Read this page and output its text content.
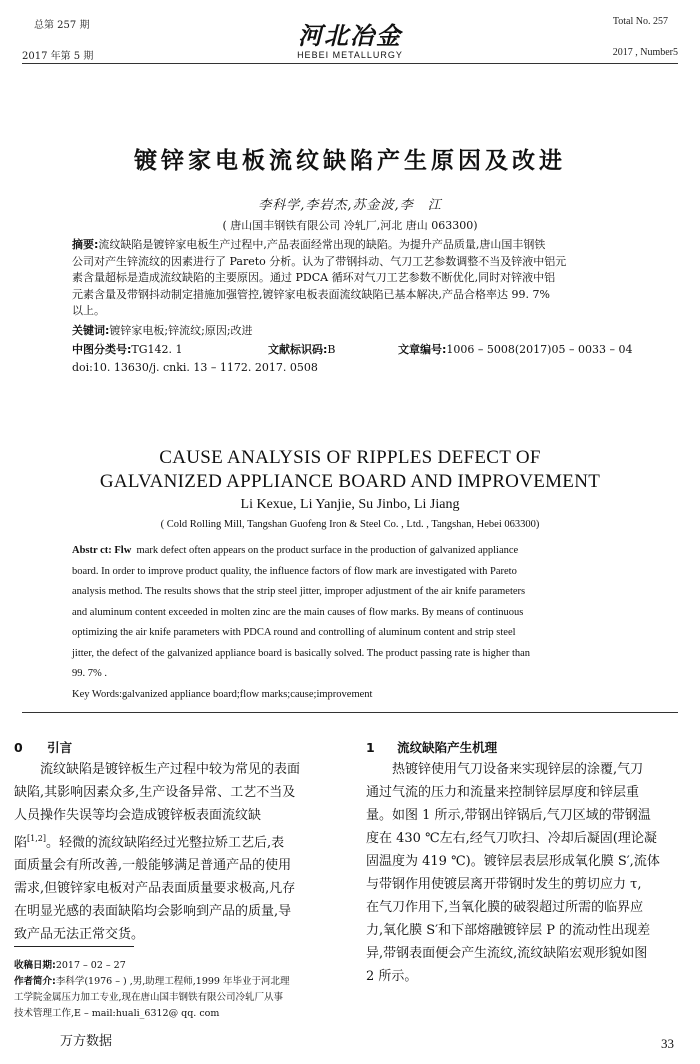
总第 257 期
2017 年第 5 期
河北冶金
HEBEI METALLURGY
Total No. 257
2017 , Number5
镀锌家电板流纹缺陷产生原因及改进
李科学,李岩杰,苏金波,李　江
( 唐山国丰钢铁有限公司 冷轧厂,河北 唐山 063300)
摘要:流纹缺陷是镀锌家电板生产过程中,产品表面经常出现的缺陷。为提升产品质量,唐山国丰钢铁
公司对产生锌流纹的因素进行了 Pareto 分析。认为了带钢抖动、气刀工艺参数调整不当及锌液中铝元
素含量超标是造成流纹缺陷的主要原因。通过 PDCA 循环对气刀工艺参数不断优化,同时对锌液中铝
元素含量及带钢抖动制定措施加强管控,镀锌家电板表面流纹缺陷已基本解决,产品合格率达 99. 7%
以上。
关键词:镀锌家电板;锌流纹;原因;改进
中图分类号:TG142. 1	文献标识码:B	文章编号:1006 – 5008(2017)05 – 0033 – 04
doi:10. 13630/j. cnki. 13 – 1172. 2017. 0508
CAUSE ANALYSIS OF RIPPLES DEFECT OF
GALVANIZED APPLIANCE BOARD AND IMPROVEMENT
Li Kexue, Li Yanjie, Su Jinbo, Li Jiang
( Cold Rolling Mill, Tangshan Guofeng Iron & Steel Co. , Ltd. , Tangshan, Hebei 063300)
Abstr ct: Flw mark defect often appears on the product surface in the production of galvanized appliance
board. In order to improve product quality, the influence factors of flow mark are investigated with Pareto
analysis method. The results shows that the strip steel jitter, improper adjustment of the air knife parameters
and aluminum content exceeded in molten zinc are the main causes of flow marks. By means of continuous
optimizing the air knife parameters with PDCA round and controlling of aluminum content and strip steel
jitter, the defect of the galvanized appliance board is basically solved. The product passing rate is higher than
99. 7% .
Key Words:galvanized appliance board;flow marks;cause;improvement
0 引言
流纹缺陷是镀锌板生产过程中较为常见的表面
缺陷,其影响因素众多,生产设备异常、工艺不当及
人员操作失误等均会造成镀锌板表面流纹缺
陷[1,2]。轻微的流纹缺陷经过光整拉矫工艺后,表
面质量会有所改善,一般能够满足普通产品的使用
需求,但镀锌家电板对产品表面质量要求极高,凡存
在明显光感的表面缺陷均会影响到产品的质量,导
致产品无法正常交货。
收稿日期:2017 – 02 – 27
作者简介:李科学(1976 – ) ,男,助理工程师,1999 年毕业于河北理
工学院金属压力加工专业,现在唐山国丰钢铁有限公司冷轧厂从事
技术管理工作,E – mail:huali_6312@ qq. com
万方数据
1 流纹缺陷产生机理
热镀锌使用气刀设备来实现锌层的涂覆,气刀
通过气流的压力和流量来控制锌层厚度和锌层重
量。如图 1 所示,带钢出锌锅后,气刀区域的带钢温
度在 430 ℃左右,经气刀吹扫、冷却后凝固(理论凝
固温度为 419 ℃)。镀锌层表层形成氧化膜 S′,流体
与带钢作用使镀层离开带钢时发生的剪切应力 τ,
在气刀作用下,当氧化膜的破裂超过所需的临界应
力,氧化膜 S′和下部熔融镀锌层 P 的流动性出现差
异,带钢表面便会产生流纹,流纹缺陷宏观形貌如图
2 所示。
33
